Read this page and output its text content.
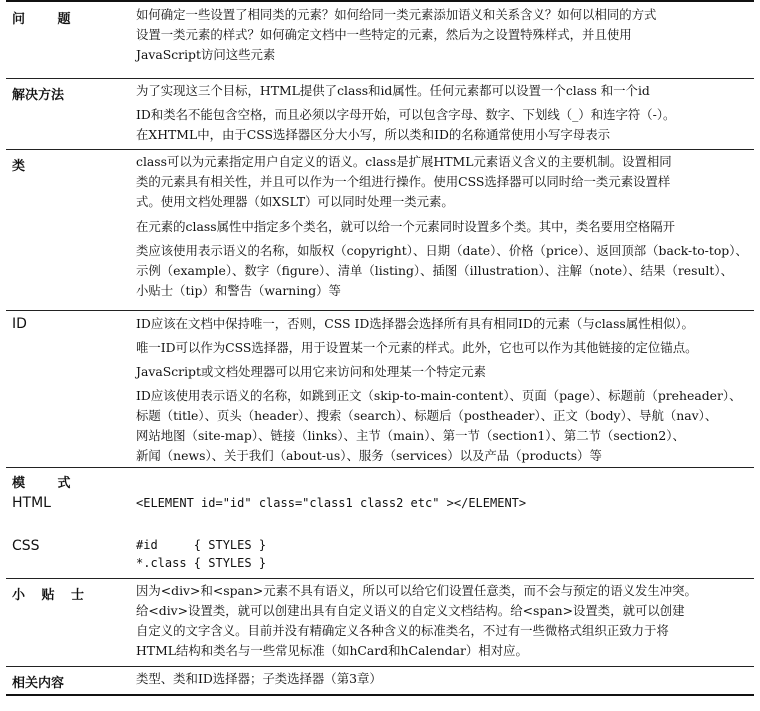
问 题	如何确定一些设置了相同类的元素？如何给同一类元素添加语义和关系含义？如何以相同的方式
设置一类元素的样式？如何确定文档中一些特定的元素，然后为之设置特殊样式，并且使用
JavaScript访问这些元素
解决方法	为了实现这三个目标，HTML提供了class和id属性。任何元素都可以设置一个class 和一个id
ID和类名不能包含空格，而且必须以字母开始，可以包含字母、数字、下划线（_）和连字符（-）。
在XHTML中，由于CSS选择器区分大小写，所以类和ID的名称通常使用小写字母表示
类	class可以为元素指定用户自定义的语义。class是扩展HTML元素语义含义的主要机制。设置相同
类的元素具有相关性，并且可以作为一个组进行操作。使用CSS选择器可以同时给一类元素设置样
式。使用文档处理器（如XSLT）可以同时处理一类元素。
在元素的class属性中指定多个类名，就可以给一个元素同时设置多个类。其中，类名要用空格隔开
类应该使用表示语义的名称，如版权（copyright）、日期（date）、价格（price）、返回顶部（back-to-top）、
示例（example）、数字（figure）、清单（listing）、插图（illustration）、注解（note）、结果（result）、
小贴士（tip）和警告（warning）等
ID	ID应该在文档中保持唯一，否则，CSS ID选择器会选择所有具有相同ID的元素（与class属性相似）。
唯一ID可以作为CSS选择器，用于设置某一个元素的样式。此外，它也可以作为其他链接的定位锚点。
JavaScript或文档处理器可以用它来访问和处理某一个特定元素
ID应该使用表示语义的名称，如跳到正文（skip-to-main-content）、页面（page）、标题前（preheader）、
标题（title）、页头（header）、搜索（search）、标题后（postheader）、正文（body）、导航（nav）、
网站地图（site-map）、链接（links）、主节（main）、第一节（section1）、第二节（section2）、
新闻（news）、关于我们（about-us）、服务（services）以及产品（products）等
模 式
HTML	<ELEMENT id="id" class="class1 class2 etc" ></ELEMENT>
CSS	#id     { STYLES }
*.class { STYLES }
小 贴 士	因为<div>和<span>元素不具有语义，所以可以给它们设置任意类，而不会与预定的语义发生冲突。
给<div>设置类，就可以创建出具有自定义语义的自定义文档结构。给<span>设置类，就可以创建
自定义的文字含义。目前并没有精确定义各种含义的标准类名，不过有一些微格式组织正致力于将
HTML结构和类名与一些常见标准（如hCard和hCalendar）相对应。
相关内容	类型、类和ID选择器；子类选择器（第3章）
